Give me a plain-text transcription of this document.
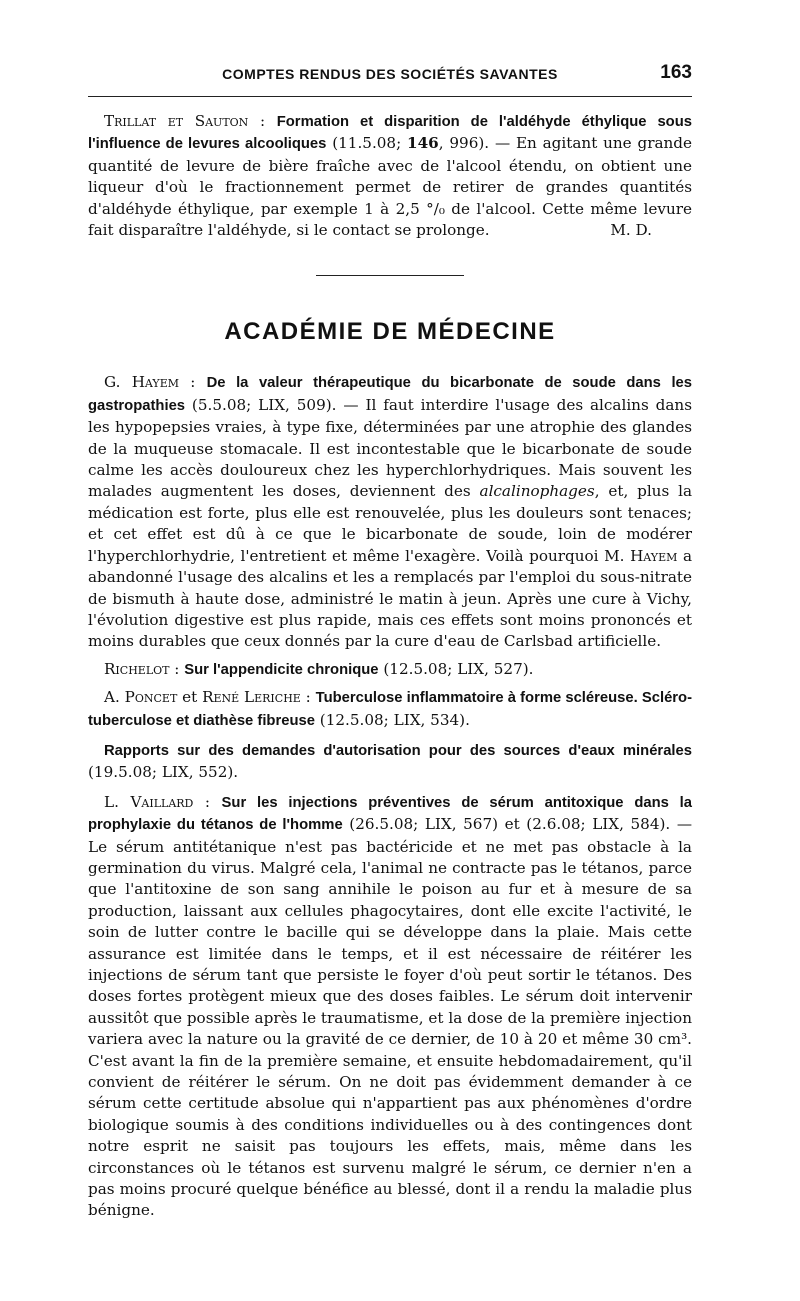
COMPTES RENDUS DES SOCIÉTÉS SAVANTES	163

Trillat et Sauton : Formation et disparition de l'aldéhyde éthylique sous l'influence de levures alcooliques (11.5.08; 146, 996). — En agitant une grande quantité de levure de bière fraîche avec de l'alcool étendu, on obtient une liqueur d'où le fractionnement permet de retirer de grandes quantités d'aldéhyde éthylique, par exemple 1 à 2,5 °/₀ de l'alcool. Cette même levure fait disparaître l'aldéhyde, si le contact se prolonge.	M. D.

ACADÉMIE DE MÉDECINE

G. Hayem : De la valeur thérapeutique du bicarbonate de soude dans les gastropathies (5.5.08; LIX, 509). — Il faut interdire l'usage des alcalins dans les hypopepsies vraies, à type fixe, déterminées par une atrophie des glandes de la muqueuse stomacale. Il est incontestable que le bicarbonate de soude calme les accès douloureux chez les hyperchlorhydriques. Mais souvent les malades augmentent les doses, deviennent des alcalinophages, et, plus la médication est forte, plus elle est renouvelée, plus les douleurs sont tenaces; et cet effet est dû à ce que le bicarbonate de soude, loin de modérer l'hyperchlorhydrie, l'entretient et même l'exagère. Voilà pourquoi M. Hayem a abandonné l'usage des alcalins et les a remplacés par l'emploi du sous-nitrate de bismuth à haute dose, administré le matin à jeun. Après une cure à Vichy, l'évolution digestive est plus rapide, mais ces effets sont moins prononcés et moins durables que ceux donnés par la cure d'eau de Carlsbad artificielle.

Richelot : Sur l'appendicite chronique (12.5.08; LIX, 527).

A. Poncet et René Leriche : Tuberculose inflammatoire à forme scléreuse. Scléro-tuberculose et diathèse fibreuse (12.5.08; LIX, 534).

Rapports sur des demandes d'autorisation pour des sources d'eaux minérales (19.5.08; LIX, 552).

L. Vaillard : Sur les injections préventives de sérum antitoxique dans la prophylaxie du tétanos de l'homme (26.5.08; LIX, 567) et (2.6.08; LIX, 584). — Le sérum antitétanique n'est pas bactéricide et ne met pas obstacle à la germination du virus. Malgré cela, l'animal ne contracte pas le tétanos, parce que l'antitoxine de son sang annihile le poison au fur et à mesure de sa production, laissant aux cellules phagocytaires, dont elle excite l'activité, le soin de lutter contre le bacille qui se développe dans la plaie. Mais cette assurance est limitée dans le temps, et il est nécessaire de réitérer les injections de sérum tant que persiste le foyer d'où peut sortir le tétanos. Des doses fortes protègent mieux que des doses faibles. Le sérum doit intervenir aussitôt que possible après le traumatisme, et la dose de la première injection variera avec la nature ou la gravité de ce dernier, de 10 à 20 et même 30 cm³. C'est avant la fin de la première semaine, et ensuite hebdomadairement, qu'il convient de réitérer le sérum. On ne doit pas évidemment demander à ce sérum cette certitude absolue qui n'appartient pas aux phénomènes d'ordre biologique soumis à des conditions individuelles ou à des contingences dont notre esprit ne saisit pas toujours les effets, mais, même dans les circonstances où le tétanos est survenu malgré le sérum, ce dernier n'en a pas moins procuré quelque bénéfice au blessé, dont il a rendu la maladie plus bénigne.
